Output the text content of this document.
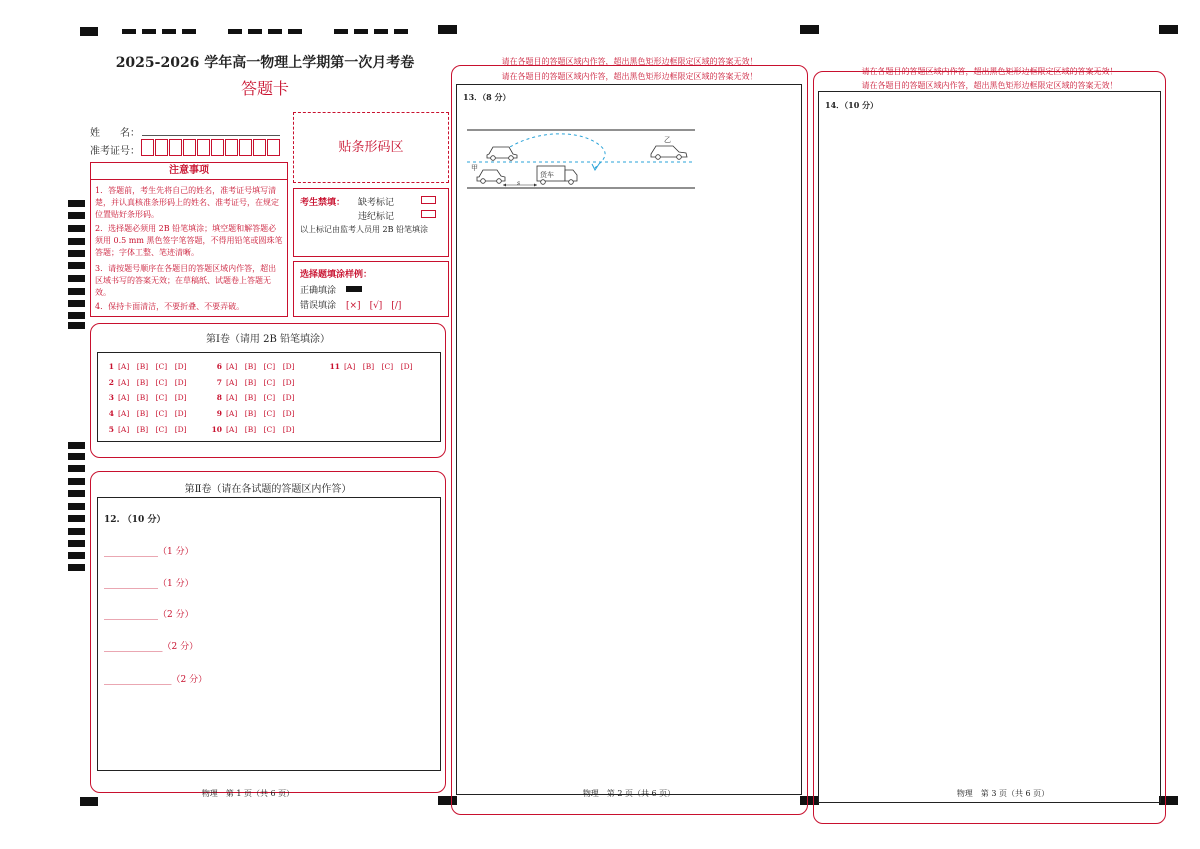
2025-2026 学年高一物理上学期第一次月考卷
答题卡
姓　　名：
准考证号：	贴条形码区
注意事项
1．答题前，考生先将自己的姓名，准考证号填写清楚，并认真核准条形码上的姓名、准考证号，在规定位置贴好条形码。
2．选择题必须用 2B 铅笔填涂；填空题和解答题必须用 0.5 mm 黑色签字笔答题，不得用铅笔或圆珠笔答题；字体工整、笔迹清晰。
3．请按题号顺序在各题目的答题区域内作答，超出区域书写的答案无效；在草稿纸、试题卷上答题无效。
4．保持卡面清洁，不要折叠、不要弄破。
考生禁填： 缺考标记
违纪标记
以上标记由监考人员用 2B 铅笔填涂
选择题填涂样例：
正确填涂
错误填涂 [×]　[√]　[/]
第Ⅰ卷（请用 2B 铅笔填涂）
1 [A]　[B]　[C]　[D]
2 [A]　[B]　[C]　[D]
3 [A]　[B]　[C]　[D]
4 [A]　[B]　[C]　[D]
5 [A]　[B]　[C]　[D]
6 [A]　[B]　[C]　[D]
7 [A]　[B]　[C]　[D]
8 [A]　[B]　[C]　[D]
9 [A]　[B]　[C]　[D]
10 [A]　[B]　[C]　[D]
11 [A]　[B]　[C]　[D]
第Ⅱ卷（请在各试题的答题区内作答）
12. （10 分）
____________（1 分）
____________（1 分）
____________（2 分）
_____________（2 分）
_______________（2 分）
物理　第 1 页（共 6 页）
请在各题目的答题区域内作答，超出黑色矩形边框限定区域的答案无效！
请在各题目的答题区域内作答，超出黑色矩形边框限定区域的答案无效！
13．（8 分）
货车
s
甲
乙
物理　第 2 页（共 6 页）
请在各题目的答题区域内作答，超出黑色矩形边框限定区域的答案无效！
请在各题目的答题区域内作答，超出黑色矩形边框限定区域的答案无效！
14．（10 分）
物理　第 3 页（共 6 页）
